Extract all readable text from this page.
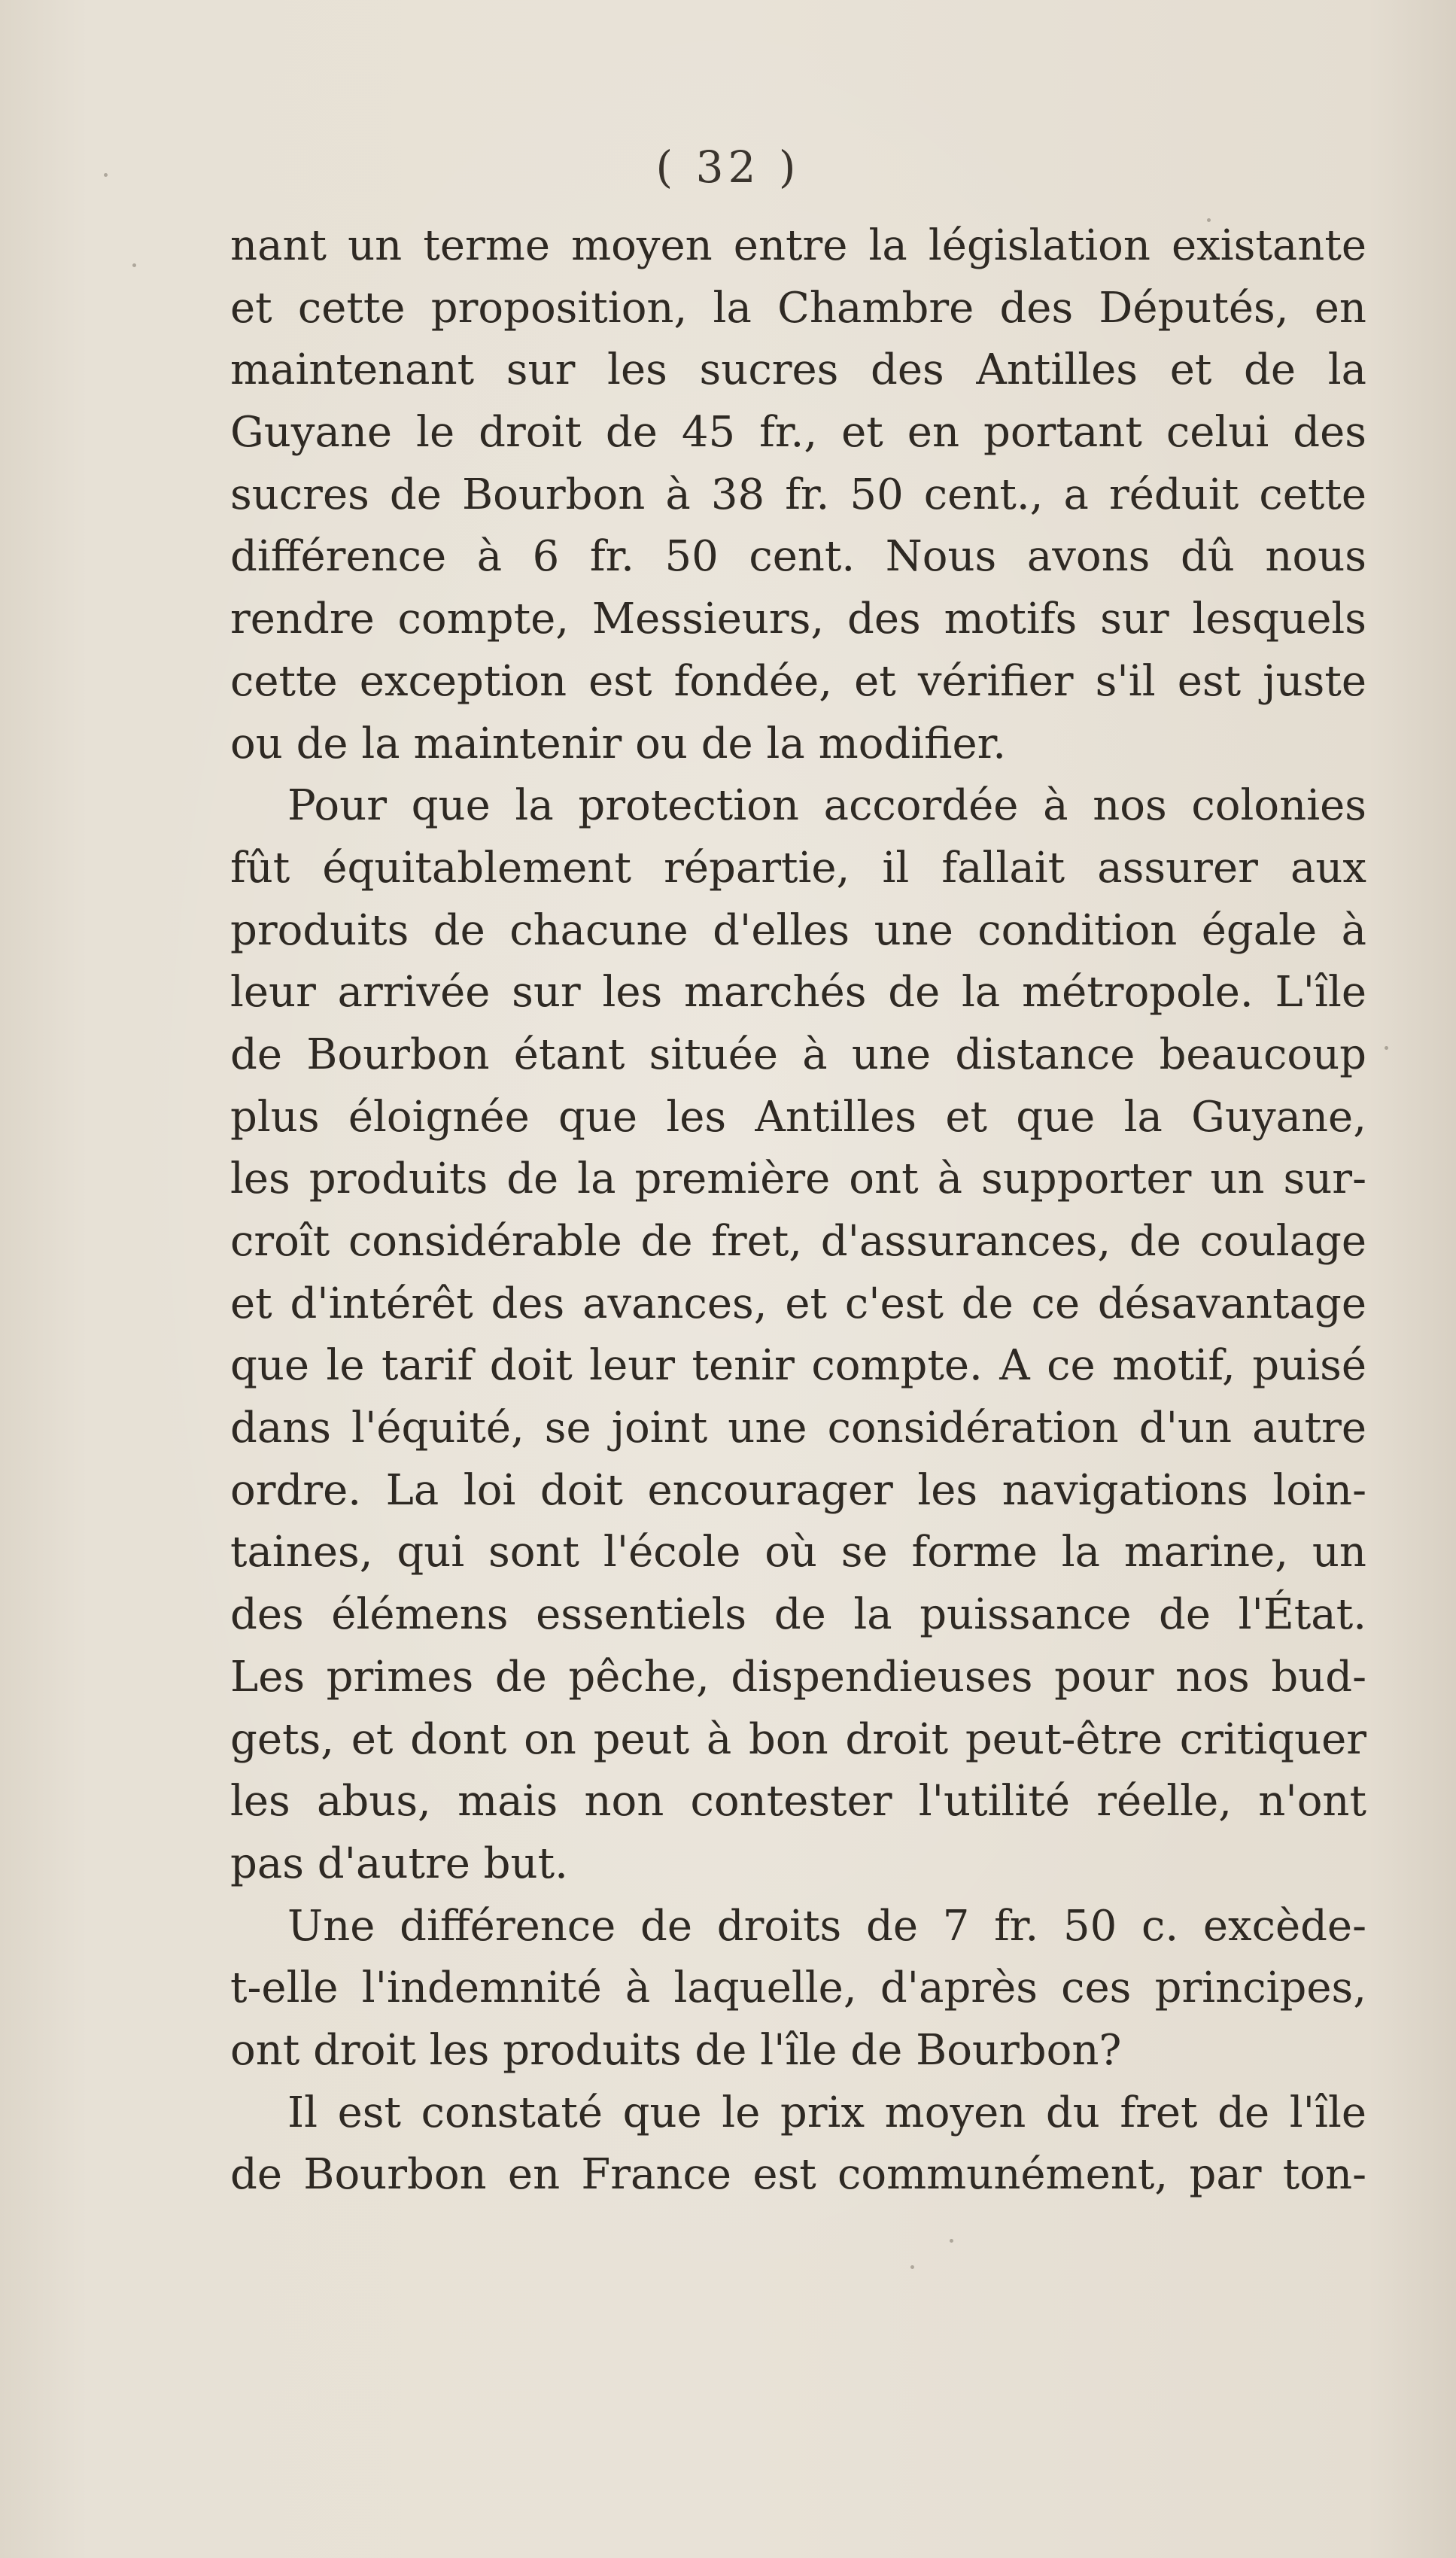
( 32 )
nant un terme moyen entre la législation existante
et cette proposition, la Chambre des Députés, en
maintenant sur les sucres des Antilles et de la
Guyane le droit de 45 fr., et en portant celui des
sucres de Bourbon à 38 fr. 50 cent., a réduit cette
différence à 6 fr. 50 cent. Nous avons dû nous
rendre compte, Messieurs, des motifs sur lesquels
cette exception est fondée, et vérifier s'il est juste
ou de la maintenir ou de la modifier.
Pour que la protection accordée à nos colonies
fût équitablement répartie, il fallait assurer aux
produits de chacune d'elles une condition égale à
leur arrivée sur les marchés de la métropole. L'île
de Bourbon étant située à une distance beaucoup
plus éloignée que les Antilles et que la Guyane,
les produits de la première ont à supporter un sur-
croît considérable de fret, d'assurances, de coulage
et d'intérêt des avances, et c'est de ce désavantage
que le tarif doit leur tenir compte. A ce motif, puisé
dans l'équité, se joint une considération d'un autre
ordre. La loi doit encourager les navigations loin-
taines, qui sont l'école où se forme la marine, un
des élémens essentiels de la puissance de l'État.
Les primes de pêche, dispendieuses pour nos bud-
gets, et dont on peut à bon droit peut-être critiquer
les abus, mais non contester l'utilité réelle, n'ont
pas d'autre but.
Une différence de droits de 7 fr. 50 c. excède-
t-elle l'indemnité à laquelle, d'après ces principes,
ont droit les produits de l'île de Bourbon?
Il est constaté que le prix moyen du fret de l'île
de Bourbon en France est communément, par ton-
